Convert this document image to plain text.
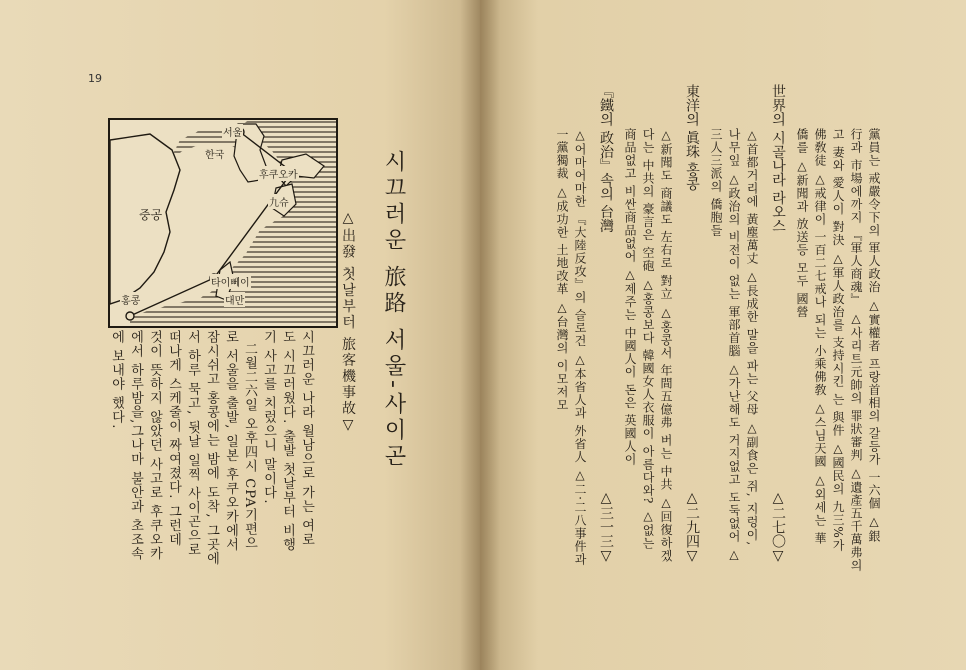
19
서울
한국
후쿠오카
九슈
중공
타이뻬이
대만
홍콩	시끄러운 旅路 서울-사이곤
△出發 첫날부터 旅客機事故▽
시끄러운 나라 월남으로 가는 여로
도 시끄러웠다. 출발 첫날부터 비행
기 사고를 치렀으니 말이다.
二월二六일 오후四시 CPA기편으
로 서울을 출발, 일본 후쿠오카에서
잠시쉬고 홍콩에는 밤에 도착, 그곳에
서 하루 묵고, 뒷날 일찍 사이곤으로
떠나게 스케줄이 짜여졌다. 그런데
것이 뜻하지 않았던 사고로 후쿠오카
에서 하루밤을,그나마 불안과 초조속
에 보내야 했다.	黨員는 戒嚴令下의 軍人政治 △實權者 프랑首相의 갈등가 一六個 △銀
行과 市場에까지 『軍人商魂』 △사리트元帥의 罪狀審判 △遺產五千萬弗의
고 妻와 愛人이 對決 △軍人政治를 支持시킨 는 與件 △國民의 九三%가
佛敎徒 △戒律이 一百二七戒나 되는 小乘佛敎 △스님天國 △외세는 華
僑를 △新聞과 放送등 모두 國營
世界의 시골나라 라오스
△二七〇▽
△首都거리에 黃塵萬丈 △長成한 말을 파는 父母 △副食은 쥐, 지렁이,
나무잎 △政治의 비전이 없는 軍部首腦 △가난해도 거지없고 도둑없어 △
三人三派의 僑胞들
東洋의 眞珠 홍콩
△二九四▽
△新聞도 商議도 左右로 對立 △홍콩서 年間五億弗 버는 中共 △回復하겠
다는 中共의 豪言은 空砲 △홍콩보다 韓國女人衣服이 아름다와? △없는
商品없고 비싼商品없어 △제주는 中國人이 돈은 英國人이
『鐵의 政治』속의 台灣
△三一三▽
△어마어마한 『大陸反攻』의 슬로건 △本省人과 外省人 △二·二八事件과
一黨獨裁 △成功한 土地改革 △台灣의 이모저모
